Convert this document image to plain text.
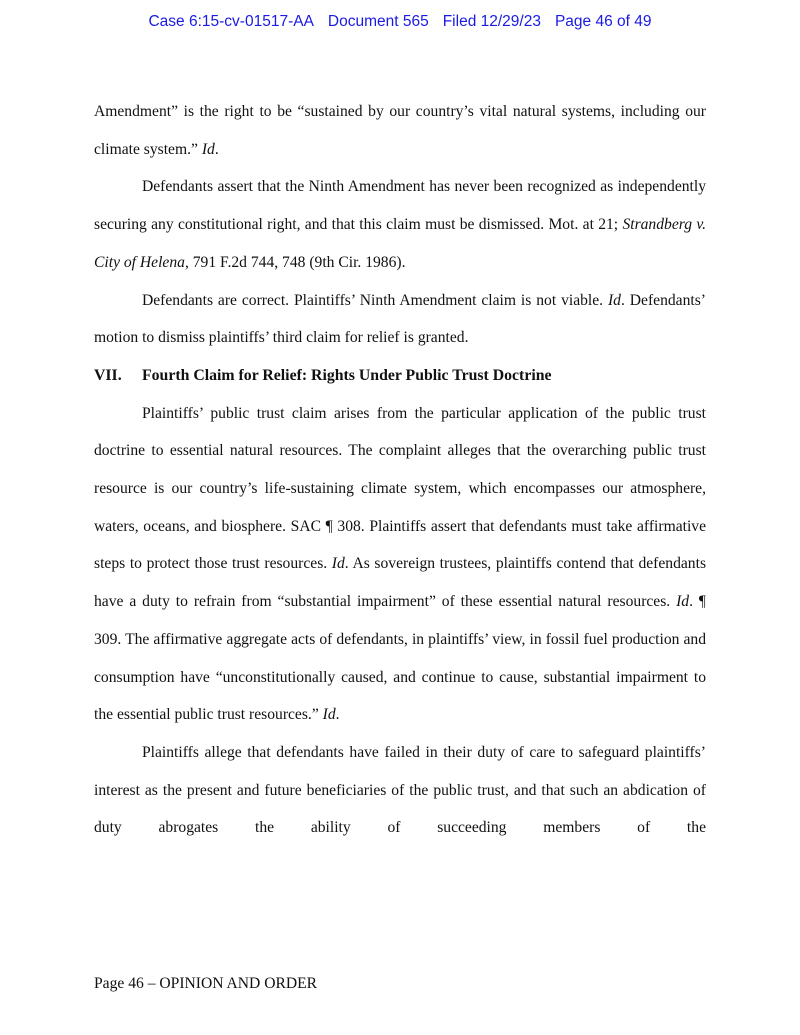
Case 6:15-cv-01517-AA Document 565 Filed 12/29/23 Page 46 of 49

Amendment” is the right to be “sustained by our country’s vital natural systems, including our climate system.” Id.

Defendants assert that the Ninth Amendment has never been recognized as independently securing any constitutional right, and that this claim must be dismissed. Mot. at 21; Strandberg v. City of Helena, 791 F.2d 744, 748 (9th Cir. 1986).

Defendants are correct. Plaintiffs’ Ninth Amendment claim is not viable. Id. Defendants’ motion to dismiss plaintiffs’ third claim for relief is granted.

VII. Fourth Claim for Relief: Rights Under Public Trust Doctrine

Plaintiffs’ public trust claim arises from the particular application of the public trust doctrine to essential natural resources. The complaint alleges that the overarching public trust resource is our country’s life-sustaining climate system, which encompasses our atmosphere, waters, oceans, and biosphere. SAC ¶ 308. Plaintiffs assert that defendants must take affirmative steps to protect those trust resources. Id. As sovereign trustees, plaintiffs contend that defendants have a duty to refrain from “substantial impairment” of these essential natural resources. Id. ¶ 309. The affirmative aggregate acts of defendants, in plaintiffs’ view, in fossil fuel production and consumption have “unconstitutionally caused, and continue to cause, substantial impairment to the essential public trust resources.” Id.

Plaintiffs allege that defendants have failed in their duty of care to safeguard plaintiffs’ interest as the present and future beneficiaries of the public trust, and that such an abdication of duty abrogates the ability of succeeding members of the

Page 46 – OPINION AND ORDER
